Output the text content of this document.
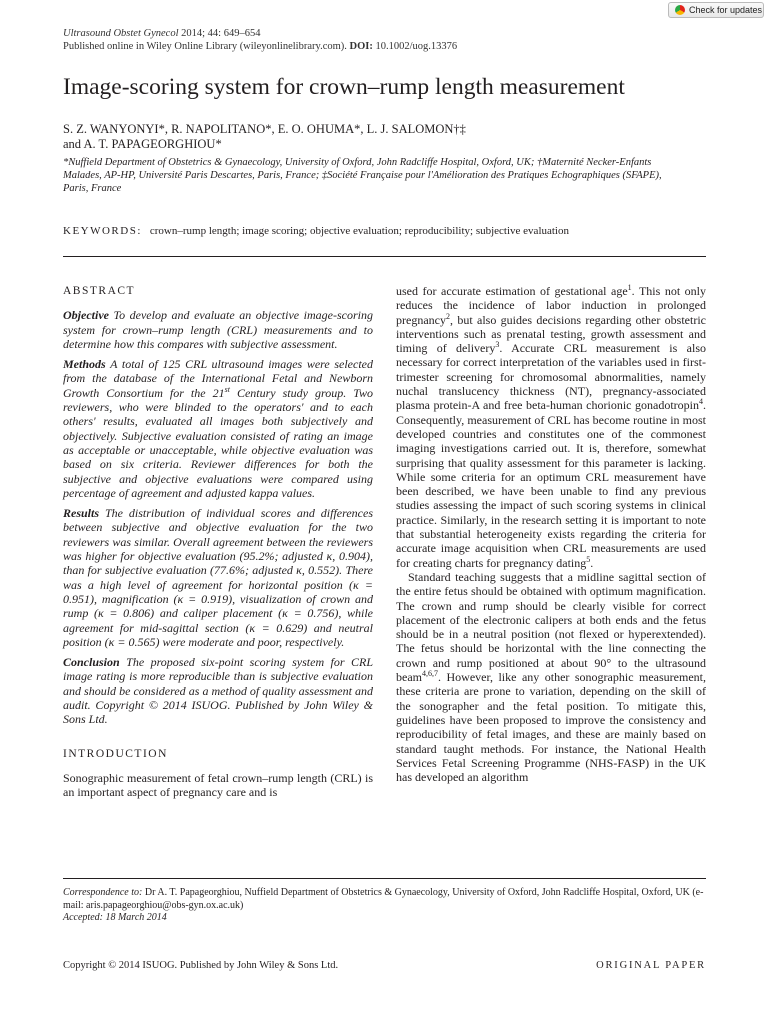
Check for updates
Ultrasound Obstet Gynecol 2014; 44: 649–654
Published online in Wiley Online Library (wileyonlinelibrary.com). DOI: 10.1002/uog.13376
Image-scoring system for crown–rump length measurement
S. Z. WANYONYI*, R. NAPOLITANO*, E. O. OHUMA*, L. J. SALOMON†‡
and A. T. PAPAGEORGHIOU*
*Nuffield Department of Obstetrics & Gynaecology, University of Oxford, John Radcliffe Hospital, Oxford, UK; †Maternité Necker-Enfants Malades, AP-HP, Université Paris Descartes, Paris, France; ‡Société Française pour l'Amélioration des Pratiques Echographiques (SFAPE), Paris, France
KEYWORDS: crown–rump length; image scoring; objective evaluation; reproducibility; subjective evaluation
ABSTRACT

Objective To develop and evaluate an objective image-scoring system for crown–rump length (CRL) measurements and to determine how this compares with subjective assessment.

Methods A total of 125 CRL ultrasound images were selected from the database of the International Fetal and Newborn Growth Consortium for the 21st Century study group. Two reviewers, who were blinded to the operators' and to each others' results, evaluated all images both subjectively and objectively. Subjective evaluation consisted of rating an image as acceptable or unacceptable, while objective evaluation was based on six criteria. Reviewer differences for both the subjective and objective evaluations were compared using percentage of agreement and adjusted kappa values.

Results The distribution of individual scores and differences between subjective and objective evaluation for the two reviewers was similar. Overall agreement between the reviewers was higher for objective evaluation (95.2%; adjusted κ, 0.904), than for subjective evaluation (77.6%; adjusted κ, 0.552). There was a high level of agreement for horizontal position (κ = 0.951), magnification (κ = 0.919), visualization of crown and rump (κ = 0.806) and caliper placement (κ = 0.756), while agreement for mid-sagittal section (κ = 0.629) and neutral position (κ = 0.565) were moderate and poor, respectively.

Conclusion The proposed six-point scoring system for CRL image rating is more reproducible than is subjective evaluation and should be considered as a method of quality assessment and audit. Copyright © 2014 ISUOG. Published by John Wiley & Sons Ltd.

INTRODUCTION

Sonographic measurement of fetal crown–rump length (CRL) is an important aspect of pregnancy care and is

used for accurate estimation of gestational age$^1$. This not only reduces the incidence of labor induction in prolonged pregnancy$^2$, but also guides decisions regarding other obstetric interventions such as prenatal testing, growth assessment and timing of delivery$^3$. Accurate CRL measurement is also necessary for correct interpretation of the variables used in first-trimester screening for chromosomal abnormalities, namely nuchal translucency thickness (NT), pregnancy-associated plasma protein-A and free beta-human chorionic gonadotropin$^4$. Consequently, measurement of CRL has become routine in most developed countries and constitutes one of the commonest imaging investigations carried out. It is, therefore, somewhat surprising that quality assessment for this parameter is lacking. While some criteria for an optimum CRL measurement have been described, we have been unable to find any previous studies assessing the impact of such scoring systems in clinical practice. Similarly, in the research setting it is important to note that substantial heterogeneity exists regarding the criteria for accurate image acquisition when CRL measurements are used for creating charts for pregnancy dating$^5$.

Standard teaching suggests that a midline sagittal section of the entire fetus should be obtained with optimum magnification. The crown and rump should be clearly visible for correct placement of the electronic calipers at both ends and the fetus should be in a neutral position (not flexed or hyperextended). The fetus should be horizontal with the line connecting the crown and rump positioned at about 90° to the ultrasound beam$^{4,6,7}$. However, like any other sonographic measurement, these criteria are prone to variation, depending on the skill of the sonographer and the fetal position. To mitigate this, guidelines have been proposed to improve the consistency and reproducibility of fetal images, and these are mainly based on standard taught methods. For instance, the National Health Services Fetal Screening Programme (NHS-FASP) in the UK has developed an algorithm

Correspondence to: Dr A. T. Papageorghiou, Nuffield Department of Obstetrics & Gynaecology, University of Oxford, John Radcliffe Hospital, Oxford, UK (e-mail: aris.papageorghiou@obs-gyn.ox.ac.uk)
Accepted: 18 March 2014
Copyright © 2014 ISUOG. Published by John Wiley & Sons Ltd.	ORIGINAL PAPER
